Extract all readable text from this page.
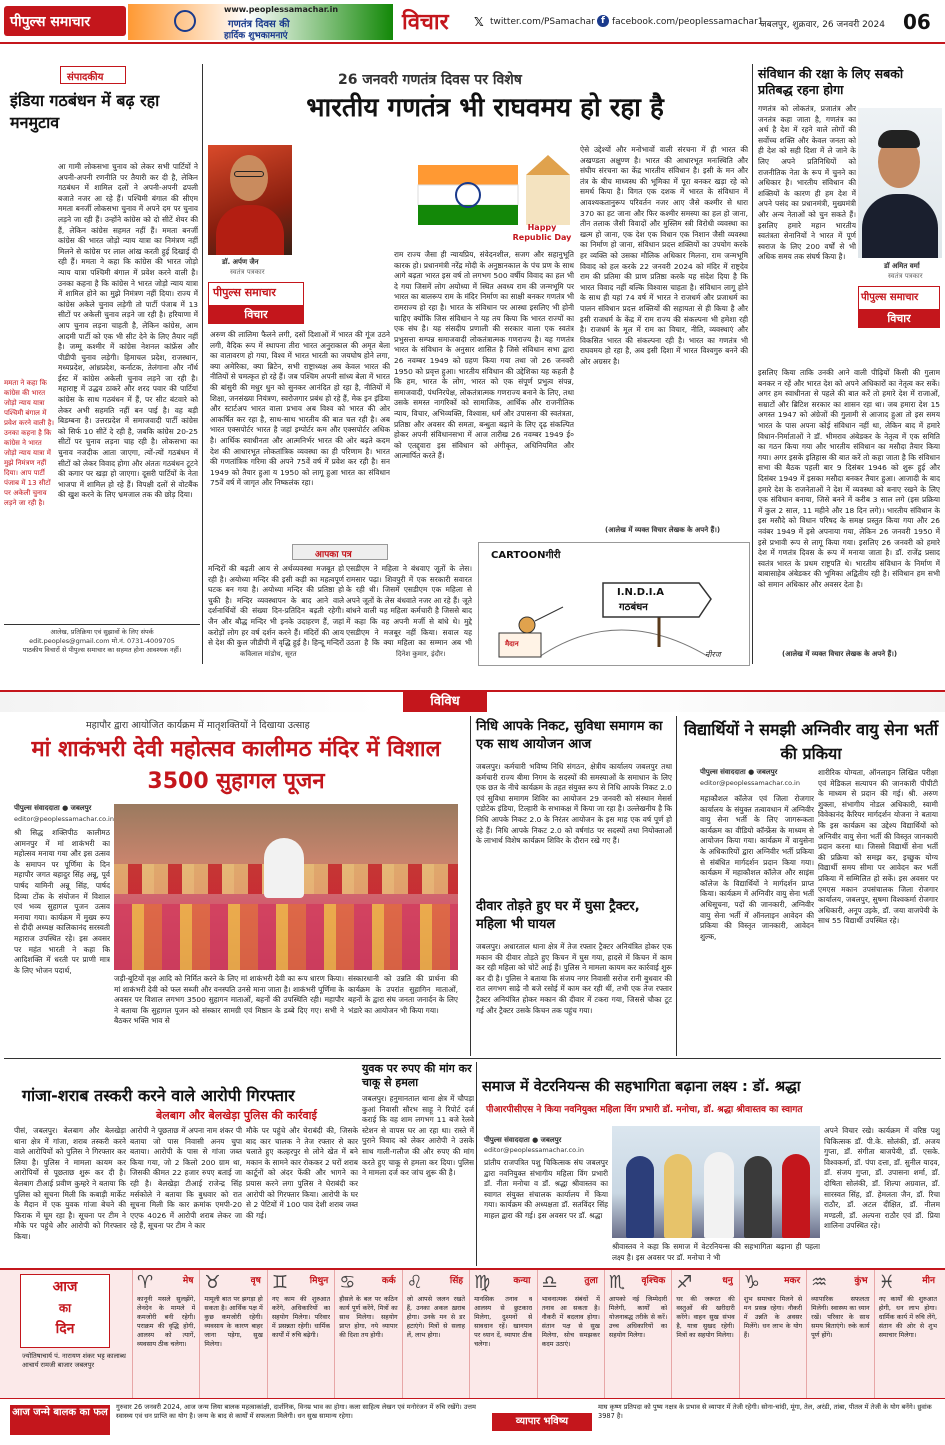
पीपुल्स समाचार
www.peoplessamachar.in
गणतंत्र दिवस की
हार्दिक शुभकामनाएं
विचार 𝕏 twitter.com/PSamachar f facebook.com/peoplessamachar1
जबलपुर, शुक्रवार, 26 जनवरी 2024 06
संपादकीय
इंडिया गठबंधन में बढ़ रहा मनमुटाव
आ गामी लोकसभा चुनाव को लेकर सभी पार्टियों ने अपनी-अपनी रणनीति पर तैयारी कर दी है, लेकिन गठबंधन में शामिल दलों ने अपनी-अपनी ढपली बजाते नजर आ रहे हैं। पश्चिमी बंगाल की सीएम ममता बनर्जी लोकसभा चुनाव में अपने दम पर चुनाव लड़ने जा रही हैं। उन्होंने कांग्रेस को दो सीटें शेयर की हैं, लेकिन कांग्रेस सहमत नहीं हैं। ममता बनर्जी कांग्रेस की भारत जोड़ो न्याय यात्रा का निमंत्रण नहीं मिलने से कांग्रेस पर लाल आंख करती हुई दिखाई दी रही हैं। ममता ने कहा कि कांग्रेस की भारत जोड़ो न्याय यात्रा पश्चिमी बंगाल में प्रवेश करने वाली है। उनका कहना है कि कांग्रेस ने भारत जोड़ो न्याय यात्रा में शामिल होने का मुझे निमंत्रण नहीं दिया। राज्य में कांग्रेस अकेले चुनाव लड़ेगी तो पार्टी पंजाब में 13 सीटों पर अकेली चुनाव लड़ने जा रही है। हरियाणा में आप चुनाव लड़ना चाहती है, लेकिन कांग्रेस, आम आदमी पार्टी को एक भी सीट देने के लिए तैयार नहीं है। जम्मू कश्मीर में कांग्रेस नेशनल कांफ्रेंस और पीडीपी चुनाव लड़ेगी। हिमाचल प्रदेश, राजस्थान, मध्यप्रदेश, आंध्रप्रदेश, कर्नाटक, तेलंगाना और नॉर्थ ईस्ट में कांग्रेस अकेली चुनाव लड़ने जा रही है। महाराष्ट्र में उद्धव ठाकरे और शरद पवार की पार्टियां कांग्रेस के साथ गठबंधन में हैं, पर सीट बंटवारे को लेकर अभी सहमति नहीं बन पाई है। वह बड़ी बिडम्बना है। उत्तरप्रदेश में समाजवादी पार्टी कांग्रेस को सिर्फ 10 सीटें दे रही है, जबकि कांग्रेस 20-25 सीटों पर चुनाव लड़ना चाह रही है। लोकसभा का चुनाव नजदीक आता जाएगा, त्यों-त्यों गठबंधन में सीटों को लेकर विवाद होगा और अंततः गठबंधन टूटने की कगार पर खड़ा हो जाएगा। दूसरी पार्टियों के नेता भाजपा में शामिल हो रहे हैं। विपक्षी दलों से वोटबैंक की खुश करने के लिए भ्रमजाल तक की छोड़ दिया।
ममता ने कहा कि कांग्रेस की भारत जोड़ो न्याय यात्रा पश्चिमी बंगाल में प्रवेश करने वाली है। उनका कहना है कि कांग्रेस ने भारत जोड़ो न्याय यात्रा में मुझे निमंत्रण नहीं दिया। आप पार्टी पंजाब में 13 सीटों पर अकेली चुनाव लड़ने जा रही है।
आलेख, प्रतिक्रिया एवं सुझावों के लिए संपर्क
edit.peoples@gmail.com मो.नं. 0731-4009705
पाठकीय विचारों से पीपुल्स समाचार का सहमत होना आवश्यक नहीं।
26 जनवरी गणतंत्र दिवस पर विशेष
भारतीय गणतंत्र भी राघवमय हो रहा है
डॉ. अर्पण जैन
स्वतंत्र पत्रकार
पीपुल्स समाचार
विचार
अरुण की लालिमा फैलने लगी, दसों दिशाओं में भारत की गूंज उठने लगी, वैदिक रूप में स्थापना तीरा भारत अनुराकाल की अमृत बेला का वातावरण हो गया, विश्व में भारत भारती का जयघोष होने लगा, क्या अमेरिका, क्या ब्रिटेन, सभी राष्ट्राध्यक्ष अब केवल भारत की नीतियों से चमत्कृत हो रहे हैं। जब पश्चिम अपनी सांध्य बेला में भारत की बांसुरी की मधुर धुन को सुनकर आनंदित हो रहा है, नीतियों में शिक्षा, जनसंख्या नियंत्रण, स्वरोजगार प्रबंध हो रहे हैं, मेक इन इंडिया और स्टार्टअप भारत वाला प्रभाव अब विश्व को भारत की ओर आकर्षित कर रहा है, साथ-साथ भारतीय की बात चल रही है। अब भारत एक्सपोर्टर भारत है जहां इम्पोर्टर कम और एक्सपोर्टर अधिक है। आर्थिक स्वाधीनता और आत्मनिर्भर भारत की ओर बढ़ते कदम देश की आधारभूत लोकतांत्रिक व्यवस्था का ही परिणाम है। भारत की गणतांत्रिक गरिमा की अपने 75वें वर्ष में प्रवेश कर रही है। सन 1949 को तैयार हुआ य 1950 को लागू हुआ भारत का संविधान 75वें वर्ष में जागृत और निष्कलंक रहा।
Happy Republic Day
राम राज्य जैसा ही न्यायप्रिय, संवेदनशील, सजग और सहानुभूति कारक हो। प्रधानमंत्री नरेंद्र मोदी के अनुष्ठानकाल के पंच प्रण के साथ आगे बढ़ता भारत इस वर्ष तो लगभग 500 वर्षीय विवाद का हल भी दे गया जिसमें लोग अयोध्या में स्थित अवध्य राम की जन्मभूमि पर भारत का बालरूप राम के मंदिर निर्माण का साक्षी बनकर गणतंत्र भी रामराज्य हो रहा है। भारत के संविधान पर आस्था इसलिए भी होनी चाहिए क्योंकि जिस संविधान ने यह तय किया कि भारत राज्यों का एक संघ है। यह संसदीय प्रणाली की सरकार वाला एक स्वतंत्र प्रभुसत्ता सम्पन्न समाजवादी लोकतंत्रात्मक गणराज्य है। यह गणतंत्र भारत के संविधान के अनुसार शासित है जिसे संविधान सभा द्वारा 26 नवम्बर 1949 को ग्रहण किया गया तथा जो 26 जनवरी 1950 को प्रवृत्त हुआ। भारतीय संविधान की उद्देशिका यह कहती है कि हम, भारत के लोग, भारत को एक संपूर्ण प्रभुत्व संपन्न, समाजवादी, पंथनिरपेक्ष, लोकतंत्रात्मक गणराज्य बनाने के लिए, तथा उसके समस्त नागरिकों को सामाजिक, आर्थिक और राजनीतिक न्याय, विचार, अभिव्यक्ति, विश्वास, धर्म और उपासना की स्वतंत्रता, प्रतिष्ठा और अवसर की समता, बन्धुता बढ़ाने के लिए दृढ़ संकल्पित होकर अपनी संविधानसभा में आज तारीख 26 नवम्बर 1949 ई० को एतद्द्वारा इस संविधान को अंगीकृत, अधिनियमित और आत्मार्पित करते हैं।
ऐसे उद्देश्यों और मनोभावों वाली संरचना में ही भारत की अखण्डता अक्षुण्ण है। भारत की आधारभूत मनःस्थिति और संघीय संरचना का केंद्र भारतीय संविधान है। इसी के मन और तंत्र के बीच माध्यस्थ की भूमिका में पूरा बनकर खड़ा रहे को समर्थ किया है। विगत एक दशक में भारत के संविधान में आवश्यकतानुरूप परिवर्तन नजर आए जैसे कश्मीर से धारा 370 का हट जाना और फिर कश्मीर समस्या का हल हो जाना, तीन तलाक जैसी विवादों और मुस्लिम स्त्री विरोधी व्यवस्था का खत्म हो जाना, एक देश एक विधान एक निशान जैसी व्यवस्था का निर्माण हो जाना, संविधान प्रदत्त शक्तियों का उपयोग करके हर व्यक्ति को उसका मौलिक अधिकार मिलना, राम जन्मभूमि विवाद को हल करके 22 जनवरी 2024 को मंदिर में राष्ट्रदेव राम की प्रतिमा की प्राण प्रतिष्ठा करके यह संदेश दिया है कि भारत विवाद नहीं बल्कि विश्वास चाहता है। संविधान लागू होने के साथ ही यहां 74 वर्ष में भारत ने राजधर्म और प्रजाधर्म का पालन संविधान प्रदत्त शक्तियों की सहायता से ही किया है और इसी राजधर्म के केंद्र में राम राज्य की संकल्पना भी हमेशा रही है। राजधर्म के मूल में राम का विचार, नीति, व्यवस्थाएं और विकसित भारत की संकल्पना रही है। भारत का गणतंत्र भी राघवमय हो रहा है, अब इसी दिशा में भारत विश्वगुरु बनने की ओर अग्रसर है।
(आलेख में व्यक्त विचार लेखक के अपने हैं।)
आपका पत्र
मन्दिरों की बढ़ती आय से अर्थव्यवस्था मजबूत हो रही है। अयोध्या मन्दिर की इसी कड़ी का महत्वपूर्ण घटक बन गया है। अयोध्या मन्दिर की प्रतिष्ठा हो चुकी है। मन्दिर व्यवस्थापन के बाद आने वाले दर्शनार्थियों की संख्या दिन-प्रतिदिन बढ़ती रहेगी। जैन और बौद्ध मन्दिर भी इनके उदाहरण हैं, जहां करोड़ों लोग हर वर्ष दर्शन करने हैं। मंदिरों की आय से देश की कुल जीडीपी में वृद्धि हुई है। हिन्दू मन्दिरों
कविलाल मांडोथ, सूरत
एसडीएम ने महिला ने बंधवाए जूतों के लेस। रामसार पढ़ा। शिवपुरी में एक सरकारी सवारत के रही थी। जिसमें एसडीएम एक महिला से अपने जूतों के लेस बंधवाते नजर आ रहे हैं। जूते बांधने वाली यह महिला कर्मचारी है जिससे बाद में कहा कि वह अपनी मर्जी से बांधे थे। मुद्दे एसडीएम ने मजबूर नहीं किया। सवाल यह उठता है कि क्या महिला का सम्मान अब भी
दिनेश कुमार, इंदौर।
CARTOONगीरी
I.N.D.I.A
गठबंधन
मैदान
नीरज
संविधान की रक्षा के लिए सबको प्रतिबद्ध रहना होगा
गणतंत्र को लोकतंत्र, प्रजातंत्र और जनतंत्र कहा जाता है, गणतंत्र का अर्थ है देश में रहने वाले लोगों की सर्वोच्च शक्ति और केवल जनता को ही देश को सही दिशा में ले जाने के लिए अपने प्रतिनिधियों को राजनीतिक नेता के रूप में चुनने का अधिकार है। भारतीय संविधान की शक्तियों के कारण ही हम देश में अपने पसंद का प्रधानमंत्री, मुख्यमंत्री और अन्य नेताओं को चुन सकते हैं। इसलिए हमारे महान भारतीय स्वतंत्रता सेनानियों ने भारत में पूर्ण स्वराज के लिए 200 वर्षों से भी अधिक समय तक संघर्ष किया है।
डॉ अमित वर्मा
स्वतंत्र पत्रकार
पीपुल्स समाचार
विचार
इसलिए किया ताकि उनकी आने वाली पीढ़ियों किसी की गुलाम बनकर न रहें और भारत देश को अपने अधिकारों का नेतृत्व कर सकें। अगर हम स्वाधीनता से पहले की बात करें तो हमारे देश में राजाओं, सम्राटों और ब्रिटिश सरकार का शासन रहा था। जब हमारा देश 15 अगस्त 1947 को अंग्रेजों की गुलामी से आजाद हुआ तो इस समय भारत के पास अपना कोई संविधान नहीं था, लेकिन बाद में हमारे विधान-निर्माताओं ने डॉ. भीमराव अंबेडकर के नेतृत्व में एक समिति का गठन किया गया और भारतीय संविधान का मसौदा तैयार किया गया। अगर इसके इतिहास की बात करें तो कहा जाता है कि संविधान सभा की बैठक पहली बार 9 दिसंबर 1946 को शुरू हुई और दिसंबर 1949 में इसका मसौदा बनकर तैयार हुआ। आजादी के बाद हमारे देश के राजनेताओं ने देश में व्यवस्था को बनाए रखने के लिए एक संविधान बनाया, जिसे बनने में करीब 3 साल लगे (इस प्रक्रिया में कुल 2 साल, 11 महीने और 18 दिन लगे)। भारतीय संविधान के इस मसौदे को विधान परिषद के समक्ष प्रस्तुत किया गया और 26 नवंबर 1949 में इसे अपनाया गया, लेकिन 26 जनवरी 1950 में इसे प्रभावी रूप से लागू किया गया। इसलिए 26 जनवरी को हमारे देश में गणतंत्र दिवस के रूप में मनाया जाता है। डॉ. राजेंद्र प्रसाद स्वतंत्र भारत के प्रथम राष्ट्रपति थे। भारतीय संविधान के निर्माण में बाबासाहेब अंबेडकर की भूमिका अद्वितीय रही है। संविधान हम सभी को समान अधिकार और अवसर देता है।
(आलेख में व्यक्त विचार लेखक के अपने हैं।)
विविध
महापौर द्वारा आयोजित कार्यक्रम में मातृशक्तियों ने दिखाया उत्साह
मां शाकंभरी देवी महोत्सव कालीमठ मंदिर में विशाल 3500 सुहागल पूजन
पीपुल्स संवाददाता ● जबलपुर
editor@peoplessamachar.co.in
श्री सिद्ध शक्तिपीठ कालीमठ आमनपुर में मां शाकंभरी का महोत्सव मनाया गया और इस उत्सव के समापन पर पूर्णिमा के दिन महापौर जगत बहादुर सिंह अन्नू, पूर्व पार्षद यामिनी अन्नू सिंह, पार्षद दिव्या टोंक के संयोजन में विशाल एवं भव्य सुहागल पूजन उत्सव मनाया गया। कार्यक्रम में मुख्य रूप से दीदी अध्यक्ष कालिकानंद सरस्वती महाराज उपस्थित रहे। इस अवसर पर महंत भारती ने कहा कि आदिशक्ति में धरती पर प्राणी मात्र के लिए भोजन पदार्थ,
जड़ी-बूटियों वृक्ष आदि को निर्मित करने के लिए मां शाकंभरी देवी का रूप धारण किया। मां शाकंभरी देवी को फल सब्जी और वनस्पति उनसे माना जाता है। शाकंभरी पूर्णिमा के अवसर पर विशाल लगभग 3500 सुहागन माताओं, बहनों की उपस्थिति रही। महापौर ने बताया कि सुहागल पूजन को संस्कार सामग्री एवं मिष्ठान के डब्बे दिए गए। सभी ने बैठकर भक्ति भाव से
संस्कारधानी को उन्नति की प्रार्थना की कार्यक्रम के उपरांत सुहागिन माताओं, बहनों के द्वारा संघ जनता जनार्दन के लिए भंडारे का आयोजन भी किया गया।
निधि आपके निकट, सुविधा समागम का एक साथ आयोजन आज
जबलपुर। कर्मचारी भविष्य निधि संगठन, क्षेत्रीय कार्यालय जबलपुर तथा कर्मचारी राज्य बीमा निगम के सदस्यों की समस्याओं के समाधान के लिए एक छत के नीचे कार्यक्रम के तहत संयुक्त रूप से निधि आपके निकट 2.0 एवं सुविधा समागम शिविर का आयोजन 29 जनवरी को संस्थान मेसर्स एडोटेक इंडिया, टिल्हारी के सभाकक्ष में किया जा रहा है। उल्लेखनीय है कि निधि आपके निकट 2.0 के निरंतर आयोजन के इस माह एक वर्ष पूर्ण हो रहे हैं। निधि आपके निकट 2.0 को वर्षगांठ पर सदस्यों तथा नियोक्ताओं के लाभार्थ विशेष कार्यक्रम शिविर के दौरान रखे गए हैं।
दीवार तोड़ते हुए घर में घुसा ट्रैक्टर, महिला भी घायल
जबलपुर। अधारताल थाना क्षेत्र में तेज रफ्तार ट्रैक्टर अनियंत्रित होकर एक मकान की दीवार तोड़ते हुए किचन में घुस गया, हादसे में किचन में काम कर रही महिला को चोटें आई हैं। पुलिस ने मामला कायम कर कार्रवाई शुरू कर दी है। पुलिस ने बताया कि संजय नगर निवासी सरोज रानी बुधवार की रात लगभग साढ़े नौ बजे रसोई में काम कर रही थीं, तभी एक तेज रफ्तार ट्रैक्टर अनियंत्रित होकर मकान की दीवार में टकरा गया, जिससे चौका टूट गई और ट्रैक्टर उसके किचन तक पहुंच गया।
विद्यार्थियों ने समझी अग्निवीर वायु सेना भर्ती की प्रकिया
पीपुल्स संवाददाता ● जबलपुर
editor@peoplessamachar.co.in
महाकौशल कॉलेज एवं जिला रोजगार कार्यालय के संयुक्त तत्वावधान में अग्निवीर वायु सेना भर्ती के लिए जागरूकता कार्यक्रम का वीडियो कॉन्फ्रेंस के माध्यम से आयोजन किया गया। कार्यक्रम में वायुसेना के अधिकारियों द्वारा अग्निवीर भर्ती प्रकिया से संबंधित मार्गदर्शन प्रदान किया गया। कार्यक्रम में महाकौशल कॉलेज और साइंस कॉलेज के विद्यार्थियों ने मार्गदर्शन प्राप्त किया। कार्यक्रम में अग्निवीर वायु सेना भर्ती अधिसूचना, पदों की जानकारी, अग्निवीर वायु सेना भर्ती में ऑनलाइन आवेदन की प्रकिया की विस्तृत जानकारी, आवेदन शुल्क,
शारीरिक योग्यता, ऑनलाइन लिखित परीक्षा एवं मेडिकल सत्यापन की जानकारी पीपीटी के माध्यम से प्रदान की गई। श्री. अरुण शुक्ला, संभागीय नोडल अधिकारी, स्वामी विवेकानंद कैरियर मार्गदर्शन योजना ने बताया कि इस कार्यक्रम का उद्देश्य विद्यार्थियों को अग्निवीर वायु सेना भर्ती की विस्तृत जानकारी प्रदान करना था। जिससे विद्यार्थी सेना भर्ती की प्रक्रिया को समझ कर, इच्छुक योग्य विद्यार्थी समय सीमा पर आवेदन कर भर्ती प्रकिया में सम्मिलित हो सकें। इस अवसर पर एमएस मकान उपसंचालक जिला रोजगार कार्यालय, जबलपुर, सुषमा विश्वकर्मा रोजगार अधिकारी, अनूप उइके, डॉ. जया वाजपेयी के साथ 55 विद्यार्थी उपस्थित रहे।
गांजा-शराब तस्करी करने वाले आरोपी गिरफ्तार
बेलबाग और बेलखेड़ा पुलिस की कार्रवाई
पीसं, जबलपुर। बेलबाग और बेलखेड़ा थाना क्षेत्र में गांजा, शराब तस्करी करने वाले आरोपियों को पुलिस ने गिरफ्तार कर लिया है। पुलिस ने मामला कायम कर आरोपियों से पूछताछ शुरू कर दी है। बेलबाग टीआई प्रवीण कुम्हरे ने बताया कि पुलिस को सूचना मिली कि कबाड़ी मार्केट के मैदान में एक युवक गांजा बेचने की फिराक में घूम रहा है। सूचना पर टीम ने मौके पर पहुंचे और आरोपी को गिरफ्तार किया।
आरोपी ने पूछताछ में अपना नाम शंकर पी बताया जो पास निवासी अनय चुपा बताया। आरोपी के पास से गांजा जब्त किया गया, जो 2 किलो 200 ग्राम था, जिसकी कीमत 22 हजार रुपए बताई जा रही है। बेलखेड़ा टीआई राजेन्द्र सिंह मर्सकोले ने बताया कि बुधवार को रात सूचना मिली कि कार क्रमांक एमपी-20 एएफ 4026 में आरोपी शराब लेकर जा रहे हैं, सूचना पर टीम ने कार
युवक पर रुपए की मांग कर चाकू से हमला
मौके पर पहुंचे और घेराबंदी की, जिसके बाद कार चालक ने तेज रफ्तार से कार चलाते हुए कल्हरपुर से लोने खेत में बने मकान के सामने कार रोककर 2 घरों शराब कार्टूनों को अंदर फेंकी और भागने का प्रयास करने लगा पुलिस ने घेराबंदी कर आरोपी को गिरफ्तार किया। आरोपी के घर से 2 पेटियों में 100 पाव देशी शराब जब्त की गई।
जबलपुर। हनुमानताल थाना क्षेत्र में चौपड़ा कुआं निवासी सौरभ साहू ने रिपोर्ट दर्ज कराई कि वह शाम लगभग 11 बजे रेलवे स्टेशन से वापस घर आ रहा था। रास्ते में पुराने विवाद को लेकर आरोपी ने उसके साथ गाली-गलौज की और रुपए की मांग करते हुए चाकू से हमला कर दिया। पुलिस ने मामला दर्ज कर जांच शुरू की है।
समाज में वेटरनियन्स की सहभागिता बढ़ाना लक्ष्य : डॉ. श्रद्धा
पीआरपीसीएस ने किया नवनियुक्त महिला विंग प्रभारी डॉ. मनोचा, डॉ. श्रद्धा श्रीवास्तव का स्वागत
पीपुल्स संवाददाता ● जबलपुर
editor@peoplessamachar.co.in
प्रांतीय राजपत्रित पशु चिकित्सक संघ जबलपुर द्वारा नवनियुक्त संभागीय महिला विंग प्रभारी डॉ. नीता मनोचा व डॉ. श्रद्धा श्रीवास्तव का स्वागत संयुक्त संचालक कार्यालय में किया गया। कार्यक्रम की अध्यक्षता डॉ. सतविंदर सिंह माहल द्वारा की गई। इस अवसर पर डॉ. श्रद्धा
श्रीवास्तव ने कहा कि समाज में वेटरनियन्स की सहभागिता बढ़ाना ही पहला लक्ष्य है। इस अवसर पर डॉ. मनोचा ने भी
अपने विचार रखे। कार्यक्रम में वरिष्ठ पशु चिकित्सक डॉ. पी.के. सोलंकी, डॉ. अजय गुप्ता, डॉ. संगीता बाजपेयी, डॉ. एसके. विश्वकर्मा, डॉ. पंपा दत्ता, डॉ. सुनील यादव, डॉ. संजय गुप्ता, डॉ. उपासना शर्मा, डॉ. दोषिता सोलंकी, डॉ. शिल्पा अग्रवाल, डॉ. सारस्वत सिंह, डॉ. हेमलता जैन, डॉ. रिचा राठौर, डॉ. अटल दीक्षित, डॉ. नीलम मण्डली, डॉ. अल्पना राठौर एवं डॉ. प्रिया शालिना उपस्थित रहे।
आज
का
दिन
ज्योतिषाचार्य पं. नारायण शंकर भट्ट कालाब्ध आचार्य रामजी बाजार जबलपुर
♈	मेष
कानूनी मसले सुलझेंगे, लेनदेन के मामले में कमजोरी बनी रहेगी। पराक्रम की वृद्धि होगी, आलस्य को त्यागें, व्यवसाय ठीक चलेगा।
♉	वृष
मामूली बात पर झगड़ा हो सकता है। आर्थिक पक्ष में कुछ कमजोरी रहेगी। व्यवसाय के कारण बाहर जाना पड़ेगा, सुख मिलेगा।
♊ मिथुन
नए काम की शुरुआत करेंगे, अधिकारियों का सहयोग मिलेगा। परिवार में प्रसन्नता रहेगी। धार्मिक कार्यों में रुचि बढ़ेगी।
♋	कर्क
हौसले के बल पर कठिन कार्य पूर्ण करेंगे, मित्रों का साथ मिलेगा। सहयोग प्राप्त होगा, नये व्यापार की दिशा तय होगी।
♌	सिंह
जो आपसे जलन रखते हैं, उनका अकल ख़राब होगा। उनके मन से डर हटाएंगे। मित्रों से सलाह लें, लाभ होगा।
♍	कन्या
मानसिक तनाव व आलस्य से छुटकारा मिलेगा, दुश्मनों से सावधान रहें। खानपान पर ध्यान दें, व्यापार ठीक चलेगा।
♎	तुला
भावनात्मक संबंधों में तनाव आ सकता है। नौकरी में बदलाव होगा। संतान पक्ष से सुख मिलेगा, सोच समझकर कदम उठाएं।
♏ वृश्चिक
आपको नई जिम्मेदारी मिलेगी, कार्यों को योजनाबद्ध तरीके से करें। उच्च अधिकारियों का सहयोग मिलेगा।
♐	धनु
घर की जरूरत की वस्तुओं की खरीदारी करेंगे। वाहन सुख संभव है, यात्रा सुखद रहेगी। मित्रों का सहयोग मिलेगा।
♑	मकर
शुभ समाचार मिलने से मन प्रसन्न रहेगा। नौकरी में उन्नति के अवसर मिलेंगे। धन लाभ के योग हैं।
♒	कुंभ
व्यापारिक सफलता मिलेगी। स्वास्थ्य का ध्यान रखें। परिवार के साथ समय बिताएंगे। रुके कार्य पूर्ण होंगे।
♓	मीन
नए कार्यों की शुरुआत होगी, धन लाभ होगा। धार्मिक कार्य में रुचि लेंगे, संतान की ओर से शुभ समाचार मिलेगा।
आज जन्मे बालक का फल	गुरुवार 26 जनवरी 2024, आज जन्म लिया बालक महत्वाकांक्षी, दार्शनिक, विनम्र भाव का होगा। कला साहित्य लेखन एवं मनोरंजन में रुचि रखेंगे। उत्तम स्वास्थ्य एवं धन प्राप्ति का योग है। जन्म के बाद से कार्यों में सफलता मिलेगी। धन सुख सामान्य रहेगा।	व्यापार भविष्य
माघ कृष्ण प्रतिपदा को पुष्य नक्षत्र के प्रभाव से व्यापार में तेजी रहेगी। सोना-चांदी, मूंगा, तेल, अरंडी, तांबा, पीतल में तेजी के योग बनेंगे। ध्रुवांक 3987 है।
